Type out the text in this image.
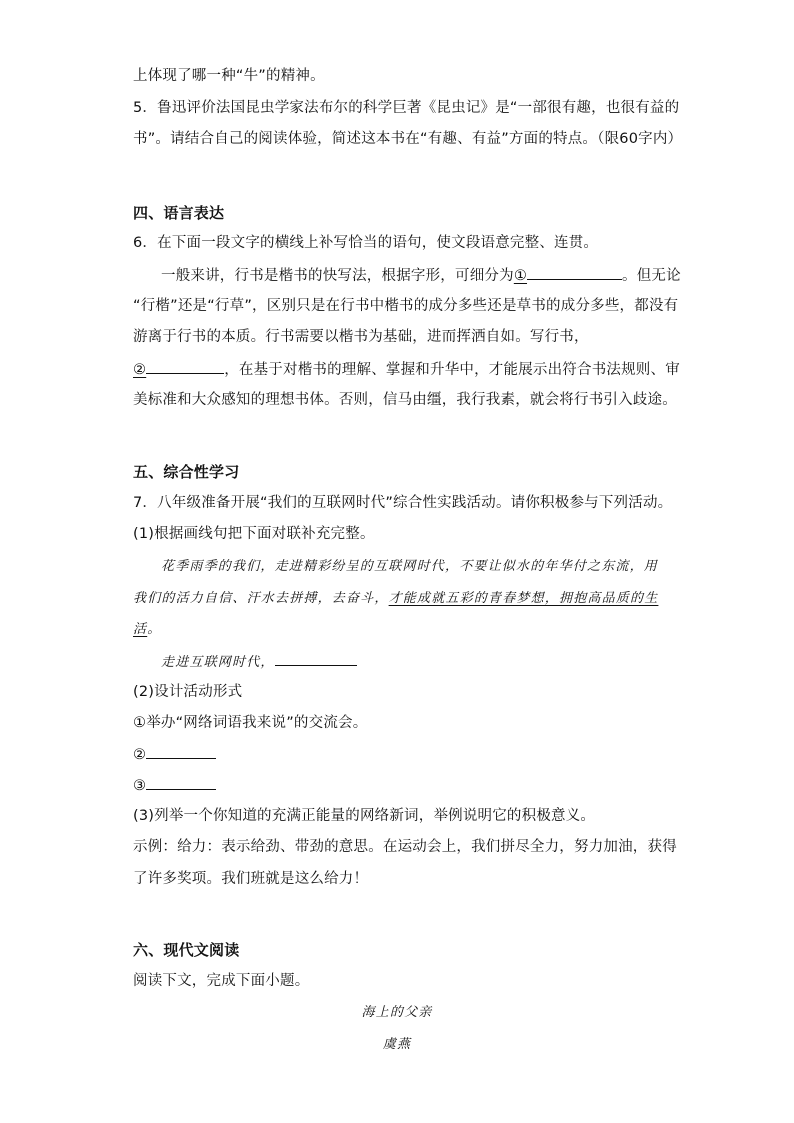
上体现了哪一种“牛”的精神。
5．鲁迅评价法国昆虫学家法布尔的科学巨著《昆虫记》是“一部很有趣，也很有益的
书”。请结合自己的阅读体验，简述这本书在“有趣、有益”方面的特点。（限60字内）
四、语言表达
6．在下面一段文字的横线上补写恰当的语句，使文段语意完整、连贯。
一般来讲，行书是楷书的快写法，根据字形，可细分为①	。但无论
“行楷”还是“行草”，区别只是在行书中楷书的成分多些还是草书的成分多些，都没有
游离于行书的本质。行书需要以楷书为基础，进而挥洒自如。写行书，
②	，在基于对楷书的理解、掌握和升华中，才能展示出符合书法规则、审
美标准和大众感知的理想书体。否则，信马由缰，我行我素，就会将行书引入歧途。
五、综合性学习
7．八年级准备开展“我们的互联网时代”综合性实践活动。请你积极参与下列活动。
(1)根据画线句把下面对联补充完整。
花季雨季的我们，走进精彩纷呈的互联网时代，不要让似水的年华付之东流，用
我们的活力自信、汗水去拼搏，去奋斗，才能成就五彩的青春梦想，拥抱高品质的生
活。
走进互联网时代，
(2)设计活动形式
①举办“网络词语我来说”的交流会。
②
③
(3)列举一个你知道的充满正能量的网络新词，举例说明它的积极意义。
示例：给力：表示给劲、带劲的意思。在运动会上，我们拼尽全力，努力加油，获得
了许多奖项。我们班就是这么给力！
六、现代文阅读
阅读下文，完成下面小题。
海上的父亲
虞燕
